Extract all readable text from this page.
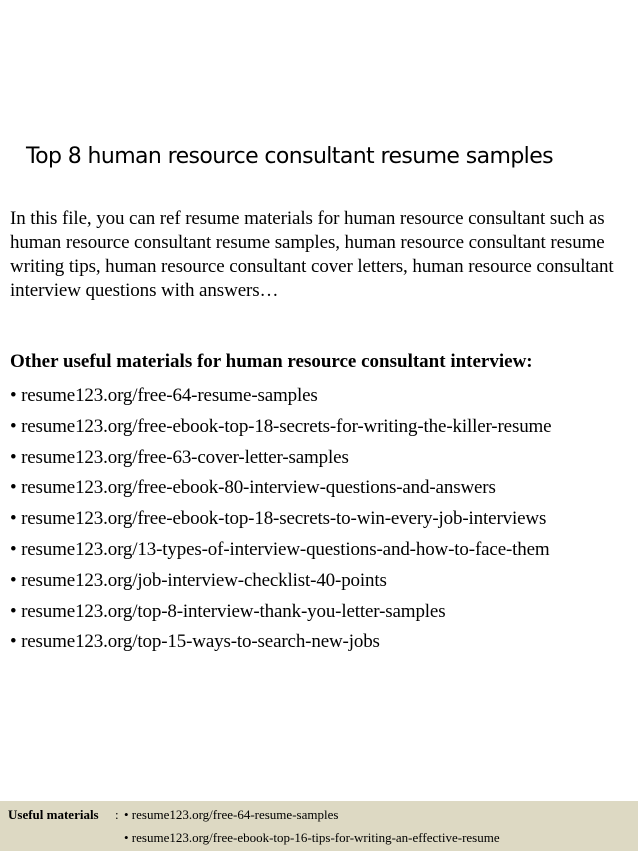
Top 8 human resource consultant resume samples

In this file, you can ref resume materials for human resource consultant such as human resource consultant resume samples, human resource consultant resume writing tips, human resource consultant cover letters, human resource consultant interview questions with answers…

Other useful materials for human resource consultant interview:
• resume123.org/free-64-resume-samples
• resume123.org/free-ebook-top-18-secrets-for-writing-the-killer-resume
• resume123.org/free-63-cover-letter-samples
• resume123.org/free-ebook-80-interview-questions-and-answers
• resume123.org/free-ebook-top-18-secrets-to-win-every-job-interviews
• resume123.org/13-types-of-interview-questions-and-how-to-face-them
• resume123.org/job-interview-checklist-40-points
• resume123.org/top-8-interview-thank-you-letter-samples
• resume123.org/top-15-ways-to-search-new-jobs
Useful materials : • resume123.org/free-64-resume-samples
• resume123.org/free-ebook-top-16-tips-for-writing-an-effective-resume
